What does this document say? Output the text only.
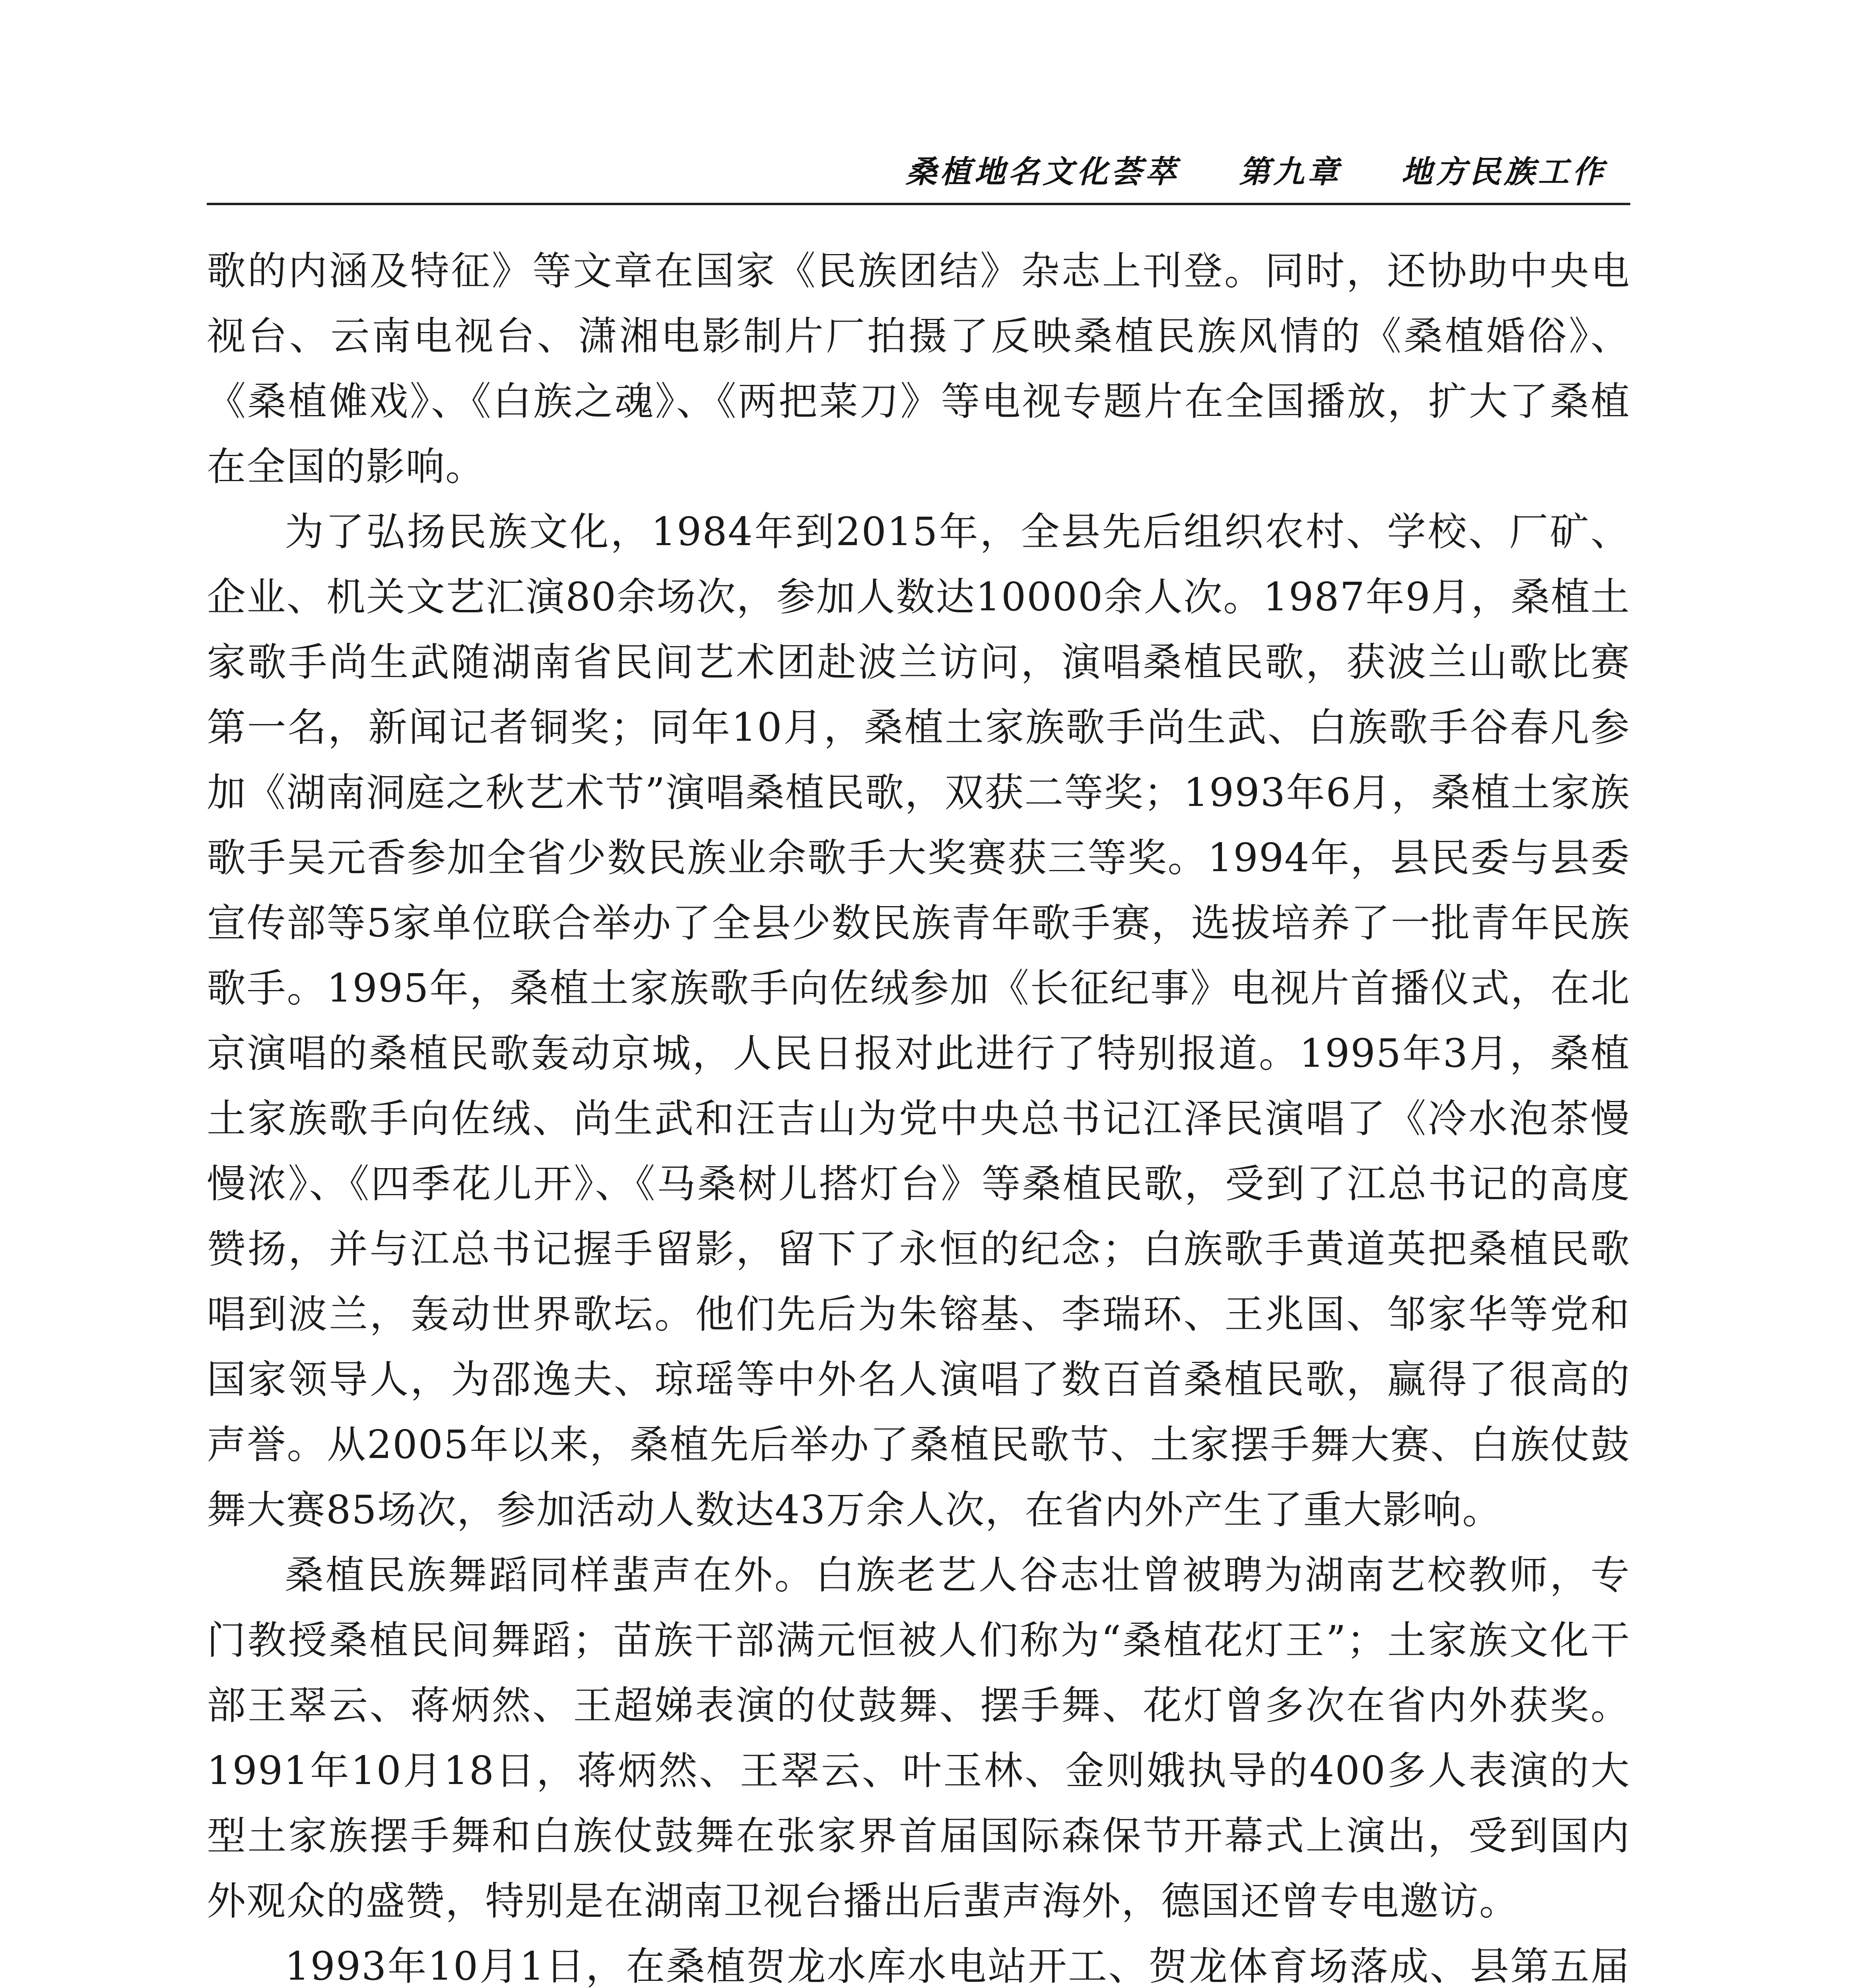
桑植地名文化荟萃 第九章 地方民族工作

歌的内涵及特征》等文章在国家《民族团结》杂志上刊登。同时，还协助中央电视台、云南电视台、潇湘电影制片厂拍摄了反映桑植民族风情的《桑植婚俗》、《桑植傩戏》、《白族之魂》、《两把菜刀》等电视专题片在全国播放，扩大了桑植在全国的影响。

为了弘扬民族文化，1984年到2015年，全县先后组织农村、学校、厂矿、企业、机关文艺汇演80余场次，参加人数达10000余人次。1987年9月，桑植土家歌手尚生武随湖南省民间艺术团赴波兰访问，演唱桑植民歌，获波兰山歌比赛第一名，新闻记者铜奖；同年10月，桑植土家族歌手尚生武、白族歌手谷春凡参加《湖南洞庭之秋艺术节”演唱桑植民歌，双获二等奖；1993年6月，桑植土家族歌手吴元香参加全省少数民族业余歌手大奖赛获三等奖。1994年，县民委与县委宣传部等5家单位联合举办了全县少数民族青年歌手赛，选拔培养了一批青年民族歌手。1995年，桑植土家族歌手向佐绒参加《长征纪事》电视片首播仪式，在北京演唱的桑植民歌轰动京城，人民日报对此进行了特别报道。1995年3月，桑植土家族歌手向佐绒、尚生武和汪吉山为党中央总书记江泽民演唱了《冷水泡茶慢慢浓》、《四季花儿开》、《马桑树儿搭灯台》等桑植民歌，受到了江总书记的高度赞扬，并与江总书记握手留影，留下了永恒的纪念；白族歌手黄道英把桑植民歌唱到波兰，轰动世界歌坛。他们先后为朱镕基、李瑞环、王兆国、邹家华等党和国家领导人，为邵逸夫、琼瑶等中外名人演唱了数百首桑植民歌，赢得了很高的声誉。从2005年以来，桑植先后举办了桑植民歌节、土家摆手舞大赛、白族仗鼓舞大赛85场次，参加活动人数达43万余人次，在省内外产生了重大影响。

桑植民族舞蹈同样蜚声在外。白族老艺人谷志壮曾被聘为湖南艺校教师，专门教授桑植民间舞蹈；苗族干部满元恒被人们称为“桑植花灯王”；土家族文化干部王翠云、蒋炳然、王超娣表演的仗鼓舞、摆手舞、花灯曾多次在省内外获奖。1991年10月18日，蒋炳然、王翠云、叶玉林、金则娥执导的400多人表演的大型土家族摆手舞和白族仗鼓舞在张家界首届国际森保节开幕式上演出，受到国内外观众的盛赞，特别是在湖南卫视台播出后蜚声海外，德国还曾专电邀访。

1993年10月1日，在桑植贺龙水库水电站开工、贺龙体育场落成、县第五届
